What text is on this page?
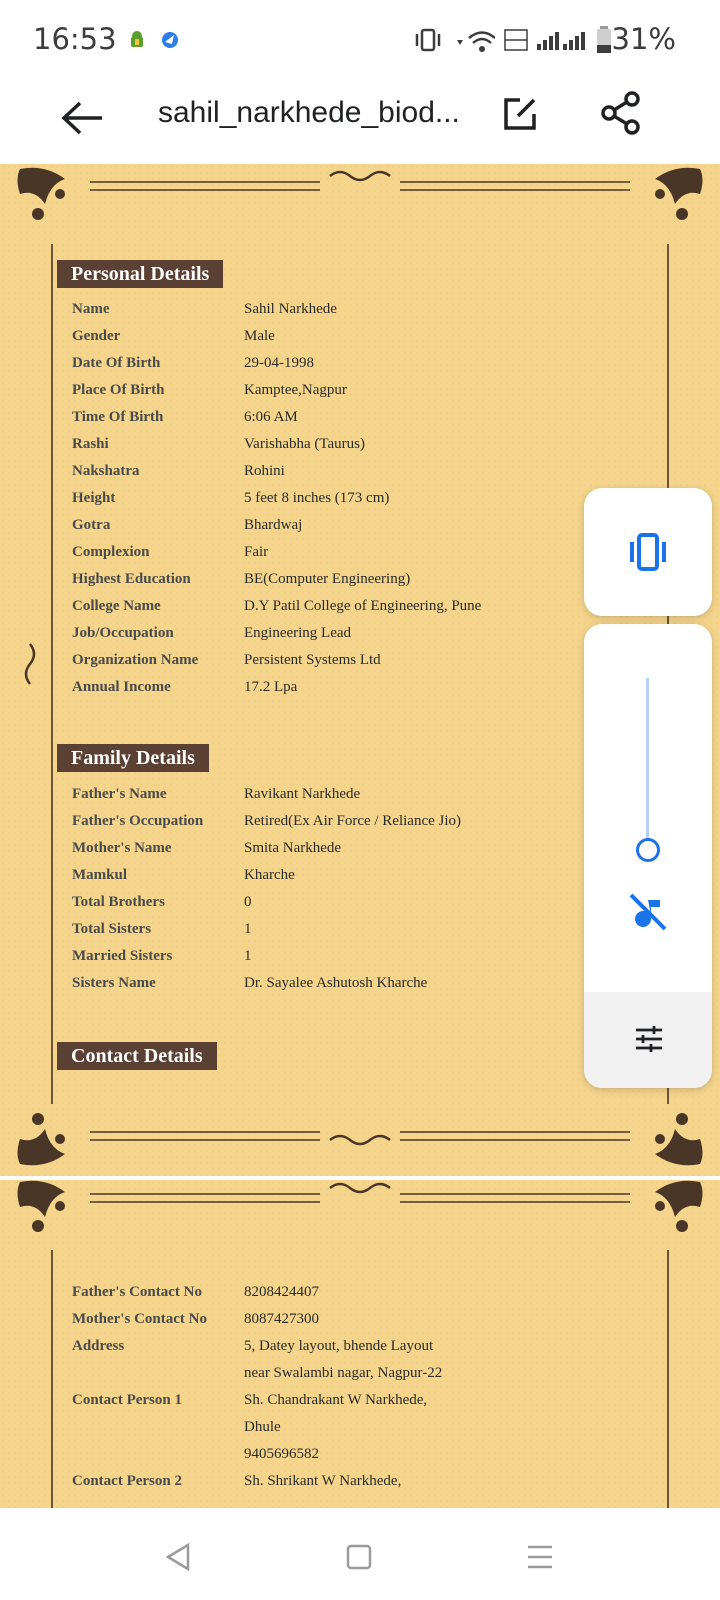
16:53	31%
sahil_narkhede_biod...
Personal Details
Name	Sahil Narkhede
Gender	Male
Date Of Birth	29-04-1998
Place Of Birth	Kamptee,Nagpur
Time Of Birth	6:06 AM
Rashi	Varishabha (Taurus)
Nakshatra	Rohini
Height	5 feet 8 inches (173 cm)
Gotra	Bhardwaj
Complexion	Fair
Highest Education	BE(Computer Engineering)
College Name	D.Y Patil College of Engineering, Pune
Job/Occupation	Engineering Lead
Organization Name	Persistent Systems Ltd
Annual Income	17.2 Lpa
Family Details
Father's Name	Ravikant Narkhede
Father's Occupation	Retired(Ex Air Force / Reliance Jio)
Mother's Name	Smita Narkhede
Mamkul	Kharche
Total Brothers	0
Total Sisters	1
Married Sisters	1
Sisters Name	Dr. Sayalee Ashutosh Kharche
Contact Details
Father's Contact No	8208424407
Mother's Contact No 8087427300
Address	5, Datey layout, bhende Layout
near Swalambi nagar, Nagpur-22
Contact Person 1	Sh. Chandrakant W Narkhede,
Dhule
9405696582
Contact Person 2	Sh. Shrikant W Narkhede,
